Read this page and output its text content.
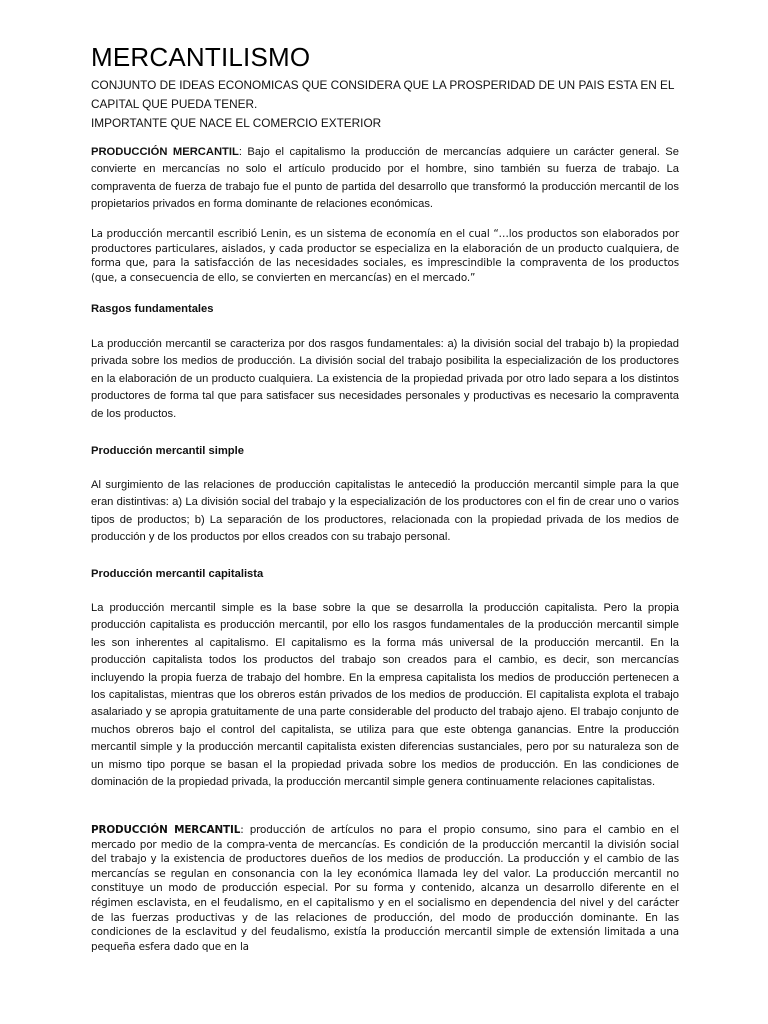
MERCANTILISMO
CONJUNTO DE IDEAS ECONOMICAS QUE CONSIDERA QUE LA PROSPERIDAD DE UN PAIS ESTA EN EL
CAPITAL QUE PUEDA TENER.
IMPORTANTE QUE NACE EL COMERCIO EXTERIOR

PRODUCCIÓN MERCANTIL: Bajo el capitalismo la producción de mercancías adquiere un carácter general. Se convierte en mercancías no solo el artículo producido por el hombre, sino también su fuerza de trabajo. La compraventa de fuerza de trabajo fue el punto de partida del desarrollo que transformó la producción mercantil de los propietarios privados en forma dominante de relaciones económicas.

La producción mercantil escribió Lenin, es un sistema de economía en el cual “…los productos son elaborados por productores particulares, aislados, y cada productor se especializa en la elaboración de un producto cualquiera, de forma que, para la satisfacción de las necesidades sociales, es imprescindible la compraventa de los productos (que, a consecuencia de ello, se convierten en mercancías) en el mercado.”

Rasgos fundamentales

La producción mercantil se caracteriza por dos rasgos fundamentales: a) la división social del trabajo b) la propiedad privada sobre los medios de producción. La división social del trabajo posibilita la especialización de los productores en la elaboración de un producto cualquiera. La existencia de la propiedad privada por otro lado separa a los distintos productores de forma tal que para satisfacer sus necesidades personales y productivas es necesario la compraventa de los productos.

Producción mercantil simple

Al surgimiento de las relaciones de producción capitalistas le antecedió la producción mercantil simple para la que eran distintivas: a) La división social del trabajo y la especialización de los productores con el fin de crear uno o varios tipos de productos; b) La separación de los productores, relacionada con la propiedad privada de los medios de producción y de los productos por ellos creados con su trabajo personal.

Producción mercantil capitalista

La producción mercantil simple es la base sobre la que se desarrolla la producción capitalista. Pero la propia producción capitalista es producción mercantil, por ello los rasgos fundamentales de la producción mercantil simple les son inherentes al capitalismo. El capitalismo es la forma más universal de la producción mercantil. En la producción capitalista todos los productos del trabajo son creados para el cambio, es decir, son mercancías incluyendo la propia fuerza de trabajo del hombre. En la empresa capitalista los medios de producción pertenecen a los capitalistas, mientras que los obreros están privados de los medios de producción. El capitalista explota el trabajo asalariado y se apropia gratuitamente de una parte considerable del producto del trabajo ajeno. El trabajo conjunto de muchos obreros bajo el control del capitalista, se utiliza para que este obtenga ganancias. Entre la producción mercantil simple y la producción mercantil capitalista existen diferencias sustanciales, pero por su naturaleza son de un mismo tipo porque se basan el la propiedad privada sobre los medios de producción. En las condiciones de dominación de la propiedad privada, la producción mercantil simple genera continuamente relaciones capitalistas.

PRODUCCIÓN MERCANTIL: producción de artículos no para el propio consumo, sino para el cambio en el mercado por medio de la compra-venta de mercancías. Es condición de la producción mercantil la división social del trabajo y la existencia de productores dueños de los medios de producción. La producción y el cambio de las mercancías se regulan en consonancia con la ley económica llamada ley del valor. La producción mercantil no constituye un modo de producción especial. Por su forma y contenido, alcanza un desarrollo diferente en el régimen esclavista, en el feudalismo, en el capitalismo y en el socialismo en dependencia del nivel y del carácter de las fuerzas productivas y de las relaciones de producción, del modo de producción dominante. En las condiciones de la esclavitud y del feudalismo, existía la producción mercantil simple de extensión limitada a una pequeña esfera dado que en la
